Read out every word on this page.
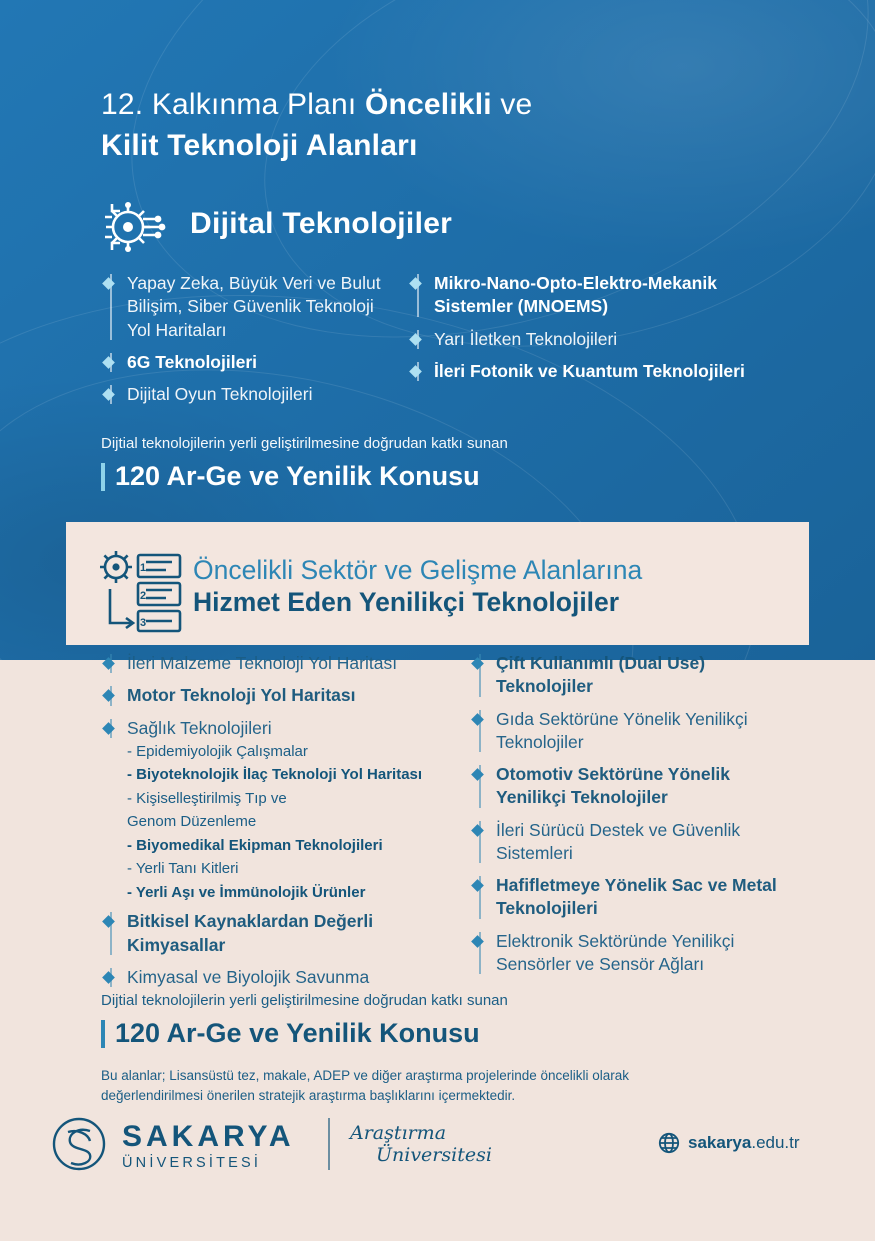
12. Kalkınma Planı Öncelikli ve
Kilit Teknoloji Alanları
Dijital Teknolojiler
Yapay Zeka, Büyük Veri ve Bulut Bilişim, Siber Güvenlik Teknoloji Yol Haritaları
6G Teknolojileri
Dijital Oyun Teknolojileri
Mikro-Nano-Opto-Elektro-Mekanik Sistemler (MNOEMS)
Yarı İletken Teknolojileri
İleri Fotonik ve Kuantum Teknolojileri
Dijtial teknolojilerin yerli geliştirilmesine doğrudan katkı sunan
120 Ar-Ge ve Yenilik Konusu
1
2
3
Öncelikli Sektör ve Gelişme Alanlarına
Hizmet Eden Yenilikçi Teknolojiler
İleri Malzeme Teknoloji Yol Haritası
Motor Teknoloji Yol Haritası
Sağlık Teknolojileri
- Epidemiyolojik Çalışmalar
- Biyoteknolojik İlaç Teknoloji Yol Haritası
- Kişiselleştirilmiş Tıp ve
Genom Düzenleme
- Biyomedikal Ekipman Teknolojileri
- Yerli Tanı Kitleri
- Yerli Aşı ve İmmünolojik Ürünler
Bitkisel Kaynaklardan Değerli Kimyasallar
Kimyasal ve Biyolojik Savunma
Çift Kullanımlı (Dual Use) Teknolojiler
Gıda Sektörüne Yönelik Yenilikçi Teknolojiler
Otomotiv Sektörüne Yönelik Yenilikçi Teknolojiler
İleri Sürücü Destek ve Güvenlik Sistemleri
Hafifletmeye Yönelik Sac ve Metal Teknolojileri
Elektronik Sektöründe Yenilikçi Sensörler ve Sensör Ağları
Dijtial teknolojilerin yerli geliştirilmesine doğrudan katkı sunan
120 Ar-Ge ve Yenilik Konusu
Bu alanlar; Lisansüstü tez, makale, ADEP ve diğer araştırma projelerinde öncelikli olarak değerlendirilmesi önerilen stratejik araştırma başlıklarını içermektedir.
SAKARYA
ÜNİVERSİTESİ
Araştırma
Üniversitesi
sakarya.edu.tr
